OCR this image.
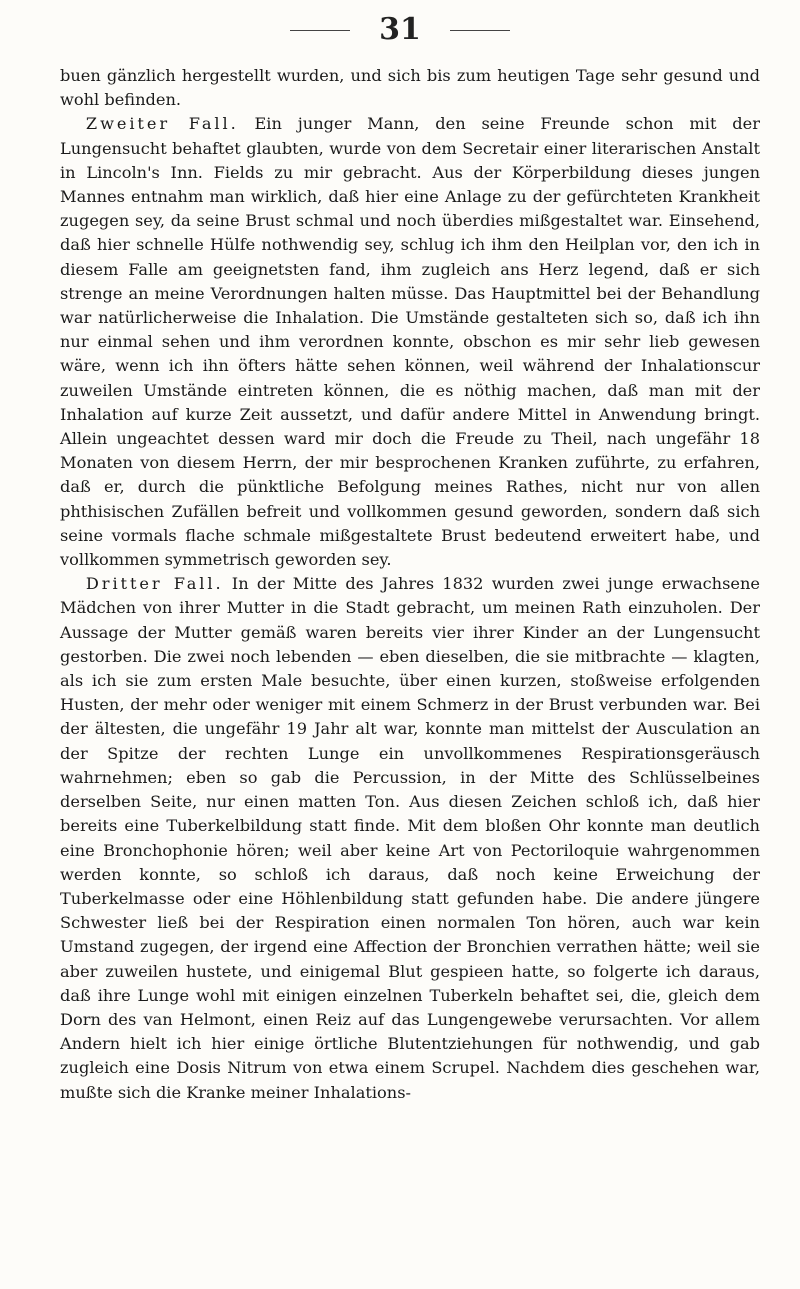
31

buen gänzlich hergestellt wurden, und sich bis zum heutigen Tage sehr gesund und wohl befinden.

Zweiter Fall. Ein junger Mann, den seine Freunde schon mit der Lungensucht behaftet glaubten, wurde von dem Secretair einer literarischen Anstalt in Lincoln's Inn. Fields zu mir gebracht. Aus der Körperbildung dieses jungen Mannes entnahm man wirklich, daß hier eine Anlage zu der gefürchteten Krankheit zugegen sey, da seine Brust schmal und noch überdies mißgestaltet war. Einsehend, daß hier schnelle Hülfe nothwendig sey, schlug ich ihm den Heilplan vor, den ich in diesem Falle am geeignetsten fand, ihm zugleich ans Herz legend, daß er sich strenge an meine Verordnungen halten müsse. Das Hauptmittel bei der Behandlung war natürlicherweise die Inhalation. Die Umstände gestalteten sich so, daß ich ihn nur einmal sehen und ihm verordnen konnte, obschon es mir sehr lieb gewesen wäre, wenn ich ihn öfters hätte sehen können, weil während der Inhalationscur zuweilen Umstände eintreten können, die es nöthig machen, daß man mit der Inhalation auf kurze Zeit aussetzt, und dafür andere Mittel in Anwendung bringt. Allein ungeachtet dessen ward mir doch die Freude zu Theil, nach ungefähr 18 Monaten von diesem Herrn, der mir besprochenen Kranken zuführte, zu erfahren, daß er, durch die pünktliche Befolgung meines Rathes, nicht nur von allen phthisischen Zufällen befreit und vollkommen gesund geworden, sondern daß sich seine vormals flache schmale mißgestaltete Brust bedeutend erweitert habe, und vollkommen symmetrisch geworden sey.

Dritter Fall. In der Mitte des Jahres 1832 wurden zwei junge erwachsene Mädchen von ihrer Mutter in die Stadt gebracht, um meinen Rath einzuholen. Der Aussage der Mutter gemäß waren bereits vier ihrer Kinder an der Lungensucht gestorben. Die zwei noch lebenden — eben dieselben, die sie mitbrachte — klagten, als ich sie zum ersten Male besuchte, über einen kurzen, stoßweise erfolgenden Husten, der mehr oder weniger mit einem Schmerz in der Brust verbunden war. Bei der ältesten, die ungefähr 19 Jahr alt war, konnte man mittelst der Ausculation an der Spitze der rechten Lunge ein unvollkommenes Respirationsgeräusch wahrnehmen; eben so gab die Percussion, in der Mitte des Schlüsselbeines derselben Seite, nur einen matten Ton. Aus diesen Zeichen schloß ich, daß hier bereits eine Tuberkelbildung statt finde. Mit dem bloßen Ohr konnte man deutlich eine Bronchophonie hören; weil aber keine Art von Pectoriloquie wahrgenommen werden konnte, so schloß ich daraus, daß noch keine Erweichung der Tuberkelmasse oder eine Höhlenbildung statt gefunden habe. Die andere jüngere Schwester ließ bei der Respiration einen normalen Ton hören, auch war kein Umstand zugegen, der irgend eine Affection der Bronchien verrathen hätte; weil sie aber zuweilen hustete, und einigemal Blut gespieen hatte, so folgerte ich daraus, daß ihre Lunge wohl mit einigen einzelnen Tuberkeln behaftet sei, die, gleich dem Dorn des van Helmont, einen Reiz auf das Lungengewebe verursachten. Vor allem Andern hielt ich hier einige örtliche Blutentziehungen für nothwendig, und gab zugleich eine Dosis Nitrum von etwa einem Scrupel. Nachdem dies geschehen war, mußte sich die Kranke meiner Inhalations-
